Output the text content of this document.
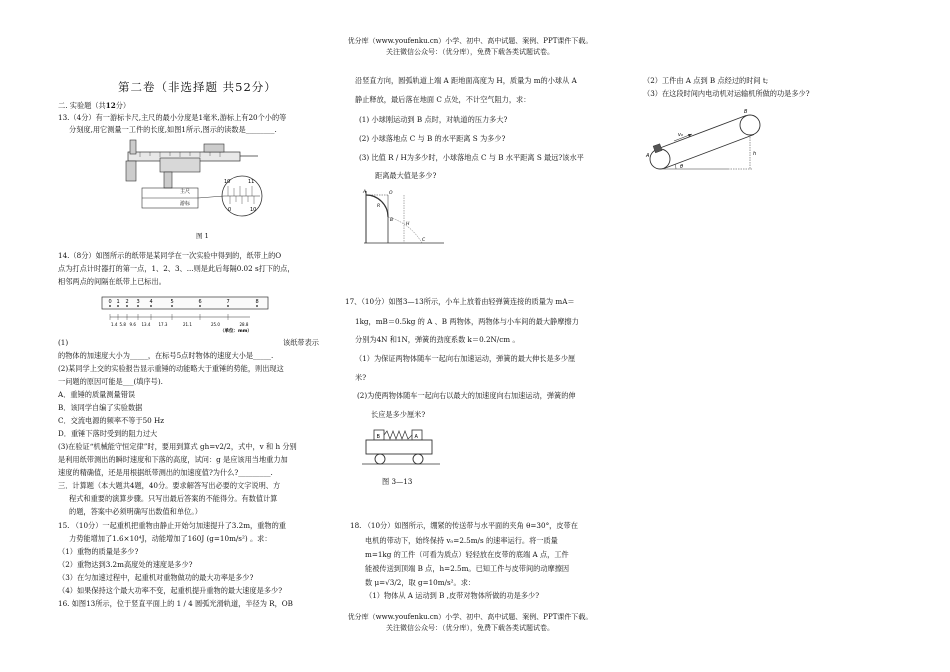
优分库（www.youfenku.cn）小学、初中、高中试题、案例、PPT课件下载。
关注微信公众号：（优分库），免费下载各类试题试卷。
第二卷（非选择题 共52分）
二. 实验题（共12分）
13.（4分）有一游标卡尺,主尺的最小分度是1毫米,游标上有20个小的等
分刻度,用它测量一工件的长度,如图1所示,图示的读数是________.
10	11
0	10
主尺
游标
图 1
14.（8分）如图所示的纸带是某同学在一次实验中得到的，纸带上的O
点为打点计时器打的第一点，1、2、3、...则是此后每隔0.02 s打下的点，
相邻两点的间隔在纸带上已标出。
（单位：mm）
0 1 2 3 4	5	6	7	8
1.4 5.8 9.6 13.4 17.3	21.1	25.0	28.8
(1)	该纸带表示
的物体的加速度大小为_____，在标号5点时物体的速度大小是_____.
(2)某同学上交的实验报告显示重锤的动能略大于重锤的势能，则出现这
一问题的原因可能是___(填序号).
A．重锤的质量测量错误
B．该同学自编了实验数据
C．交流电源的频率不等于50 Hz
D．重锤下落时受到的阻力过大
(3)在验证“机械能守恒定律”时，要用到算式 gh=v2/2，式中，v 和 h 分别
是利用纸带测出的瞬时速度和下落的高度，试问：g 是应该用当地重力加
速度的精确值，还是用根据纸带测出的加速度值?为什么?_________.
三．计算题（本大题共4题，40分。要求解答写出必要的文字说明、方
程式和重要的演算步骤。只写出最后答案的不能得分。有数值计算
的题，答案中必须明确写出数值和单位。）
15. （10分）一起重机把重物由静止开始匀加速提升了3.2m，重物的重
力势能增加了1.6×10⁴J，动能增加了160J (g=10m/s²) 。求：
（1）重物的质量是多少?
（2）重物达到3.2m高度处的速度是多少?
（3）在匀加速过程中，起重机对重物做功的最大功率是多少?
（4）如果保持这个最大功率不变，起重机提升重物的最大速度是多少?
16. 如图13所示，位于竖直平面上的 1 / 4 圆弧光滑轨道，半径为 R，OB
沿竖直方向，圆弧轨道上端 A 距地面高度为 H，质量为 m的小球从 A
静止释放，最后落在地面 C 点处，不计空气阻力，求：
(1) 小球刚运动到 B 点时，对轨道的压力多大?
(2) 小球落地点 C 与 B 的水平距离 S 为多少?
(3) 比值 R / H为多少时，小球落地点 C 与 B 水平距离 S 最远?该水平
距离最大值是多少?
A	O
R
B
H
C
17、（10分）如图3—13所示，小车上放着由轻弹簧连接的质量为 mA＝
1kg，mB＝0.5kg 的 A 、B 两物体，两物体与小车间的最大静摩擦力
分别为4N 和1N，弹簧的劲度系数 k＝0.2N/cm 。
（1）为保证两物体随车一起向右加速运动，弹簧的最大伸长是多少厘
米?
(2)为使两物体随车一起向右以最大的加速度向右加速运动，弹簧的伸
长应是多少厘米?
B	A
图 3—13
18. （10分）如图所示，绷紧的传送带与水平面的夹角 θ=30°，皮带在
电机的带动下，始终保持 v₀=2.5m/s 的速率运行。将一质量
m=1kg 的工件（可看为质点）轻轻放在皮带的底端 A 点，工件
能被传送到顶端 B 点，h=2.5m。已知工件与皮带间的动摩擦因
数 μ=√3/2，取 g=10m/s²。求：
（1）物体从 A 运动到 B ,皮带对物体所做的功是多少?
（2）工件由 A 点到 B 点经过的时间 t;
（3）在这段时间内电动机对运输机所做的功是多少?
B
v₀
A	h
θ
优分库（www.youfenku.cn）小学、初中、高中试题、案例、PPT课件下载。
关注微信公众号：（优分库），免费下载各类试题试卷。
